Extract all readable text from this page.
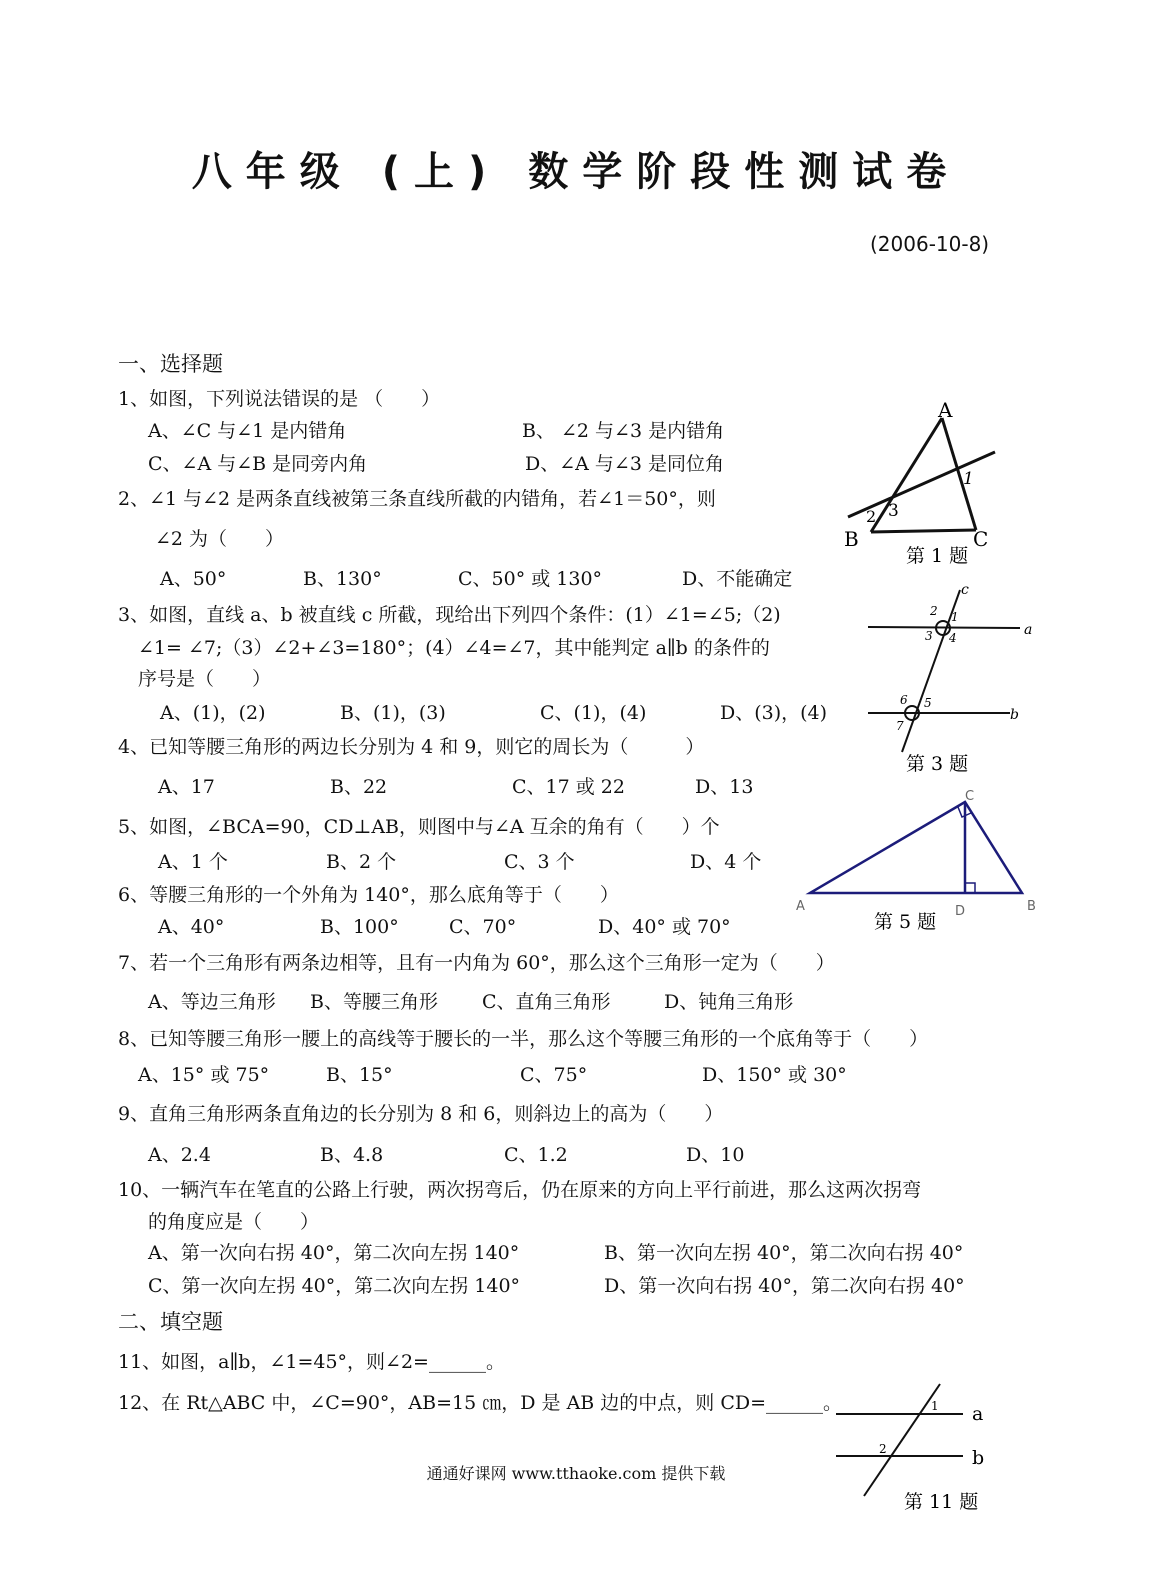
八年级 (上) 数学阶段性测试卷
(2006-10-8)
一、选择题
1、如图，下列说法错误的是 （　　）
A、∠C 与∠1 是内错角	B、 ∠2 与∠3 是内错角
C、∠A 与∠B 是同旁内角	D、∠A 与∠3 是同位角
2、∠1 与∠2 是两条直线被第三条直线所截的内错角，若∠1＝50°，则
∠2 为（　　）
A、50°	B、130°	C、50° 或 130°	D、不能确定
3、如图，直线 a、b 被直线 c 所截，现给出下列四个条件：(1）∠1=∠5;（2)
∠1= ∠7;（3）∠2+∠3=180°；(4）∠4=∠7，其中能判定 a∥b 的条件的
序号是（　　）
A、(1)，(2)	B、(1)，(3)	C、(1)，(4)	D、(3)，(4)
4、已知等腰三角形的两边长分别为 4 和 9，则它的周长为（　　　）
A、17	B、22	C、17 或 22	D、13
5、如图，∠BCA=90，CD⊥AB，则图中与∠A 互余的角有（　　）个
A、1 个	B、2 个	C、3 个	D、4 个
6、等腰三角形的一个外角为 140°，那么底角等于（　　）
A、40°	B、100°	C、70°	D、40° 或 70°
7、若一个三角形有两条边相等，且有一内角为 60°，那么这个三角形一定为（　　）
A、等边三角形 B、等腰三角形 C、直角三角形	D、钝角三角形
8、已知等腰三角形一腰上的高线等于腰长的一半，那么这个等腰三角形的一个底角等于（　　）
A、15° 或 75°	B、15°	C、75°	D、150° 或 30°
9、直角三角形两条直角边的长分别为 8 和 6，则斜边上的高为（　　）
A、2.4	B、4.8	C、1.2	D、10
10、一辆汽车在笔直的公路上行驶，两次拐弯后，仍在原来的方向上平行前进，那么这两次拐弯
的角度应是（　　）
A、第一次向右拐 40°，第二次向左拐 140°	B、第一次向左拐 40°，第二次向右拐 40°
C、第一次向左拐 40°，第二次向左拐 140°	D、第一次向右拐 40°，第二次向右拐 40°
二、填空题
11、如图，a∥b，∠1=45°，则∠2=______。
12、在 Rt△ABC 中，∠C=90°，AB=15 ㎝，D 是 AB 边的中点，则 CD=______。
通通好课网 www.tthaoke.com 提供下载
A
B	C
1
2 3
第 1 题
c
a
b
1
2
3 4
5
6
7
第 3 题
A
C
D	B
第 5 题
a
b
1
2
第 11 题
